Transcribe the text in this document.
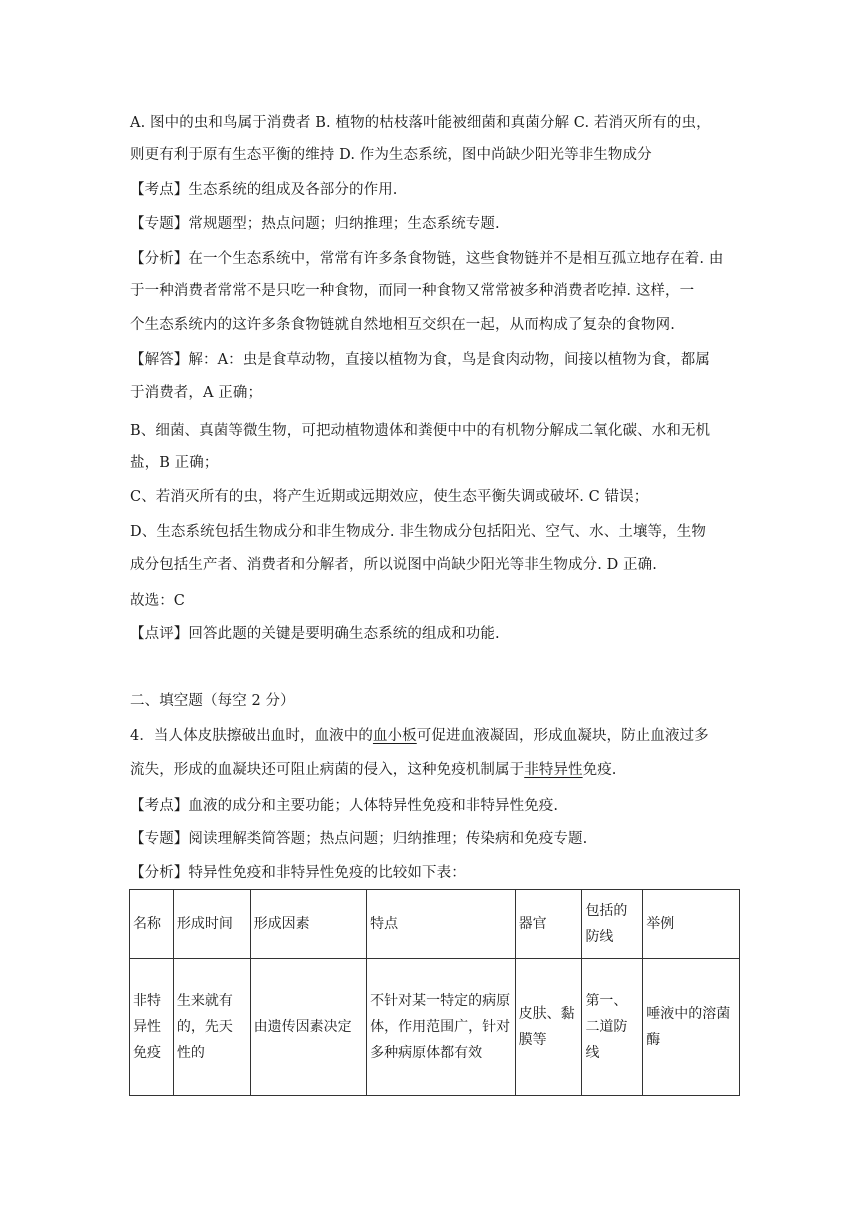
A. 图中的虫和鸟属于消费者 B. 植物的枯枝落叶能被细菌和真菌分解 C. 若消灭所有的虫，
则更有利于原有生态平衡的维持 D. 作为生态系统，图中尚缺少阳光等非生物成分
【考点】生态系统的组成及各部分的作用.
【专题】常规题型；热点问题；归纳推理；生态系统专题.
【分析】在一个生态系统中，常常有许多条食物链，这些食物链并不是相互孤立地存在着. 由
于一种消费者常常不是只吃一种食物，而同一种食物又常常被多种消费者吃掉. 这样，一
个生态系统内的这许多条食物链就自然地相互交织在一起，从而构成了复杂的食物网.
【解答】解：A：虫是食草动物，直接以植物为食，鸟是食肉动物，间接以植物为食，都属
于消费者，A 正确；
B、细菌、真菌等微生物，可把动植物遗体和粪便中中的有机物分解成二氧化碳、水和无机
盐，B 正确；
C、若消灭所有的虫，将产生近期或远期效应，使生态平衡失调或破坏. C 错误；
D、生态系统包括生物成分和非生物成分. 非生物成分包括阳光、空气、水、土壤等，生物
成分包括生产者、消费者和分解者，所以说图中尚缺少阳光等非生物成分. D 正确.
故选：C
【点评】回答此题的关键是要明确生态系统的组成和功能.
二、填空题（每空 2 分）
4．当人体皮肤擦破出血时，血液中的血小板可促进血液凝固，形成血凝块，防止血液过多
流失，形成的血凝块还可阻止病菌的侵入，这种免疫机制属于非特异性免疫.
【考点】血液的成分和主要功能；人体特异性免疫和非特异性免疫.
【专题】阅读理解类简答题；热点问题；归纳推理；传染病和免疫专题.
【分析】特异性免疫和非特异性免疫的比较如下表：
名称	形成时间	形成因素	特点	器官	包括的防线	举例
非特异性免疫	生来就有的，先天性的	由遗传因素决定	不针对某一特定的病原体，作用范围广，针对多种病原体都有效	皮肤、黏膜等	第一、二道防线	唾液中的溶菌酶
